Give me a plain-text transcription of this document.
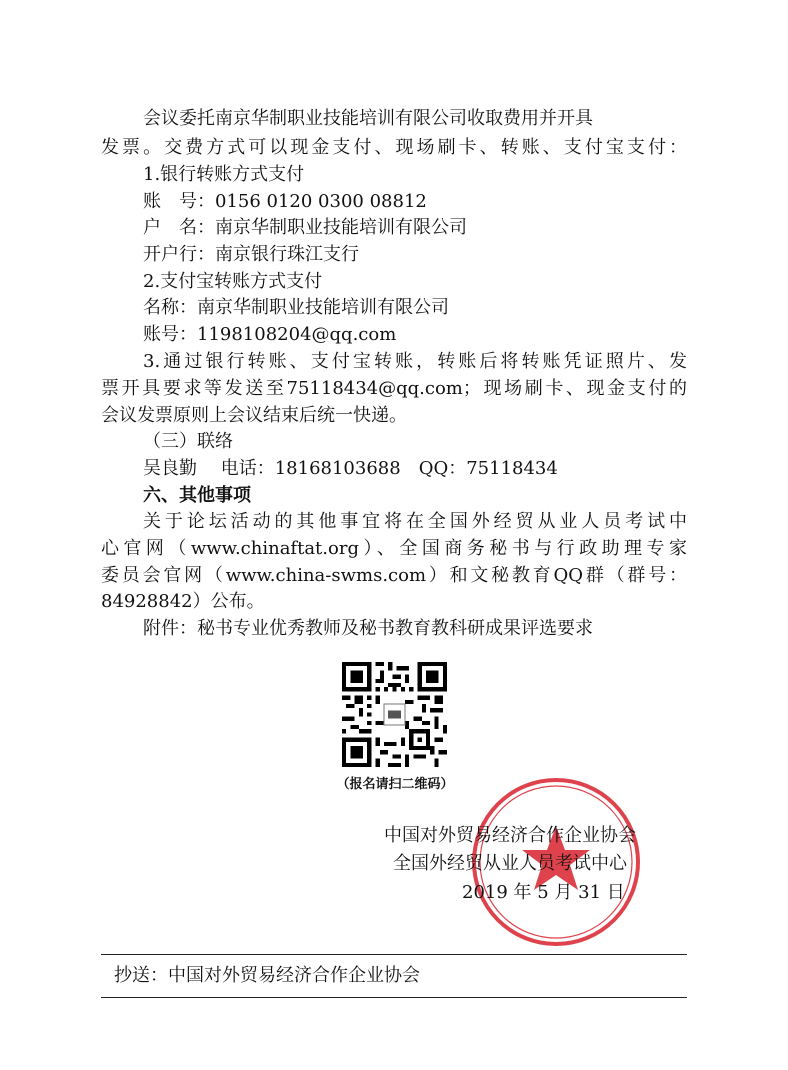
会议委托南京华制职业技能培训有限公司收取费用并开具
发票。交费方式可以现金支付、现场刷卡、转账、支付宝支付：
1.银行转账方式支付
账　号：0156 0120 0300 08812
户　名：南京华制职业技能培训有限公司
开户行：南京银行珠江支行
2.支付宝转账方式支付
名称：南京华制职业技能培训有限公司
账号：1198108204@qq.com
3.通过银行转账、支付宝转账，转账后将转账凭证照片、发
票开具要求等发送至75118434@qq.com；现场刷卡、现金支付的
会议发票原则上会议结束后统一快递。
（三）联络
吴良勤　 电话：18168103688　QQ：75118434
六、其他事项
关于论坛活动的其他事宜将在全国外经贸从业人员考试中
心官网（www.chinaftat.org）、全国商务秘书与行政助理专家
委员会官网（www.china-swms.com）和文秘教育QQ群（群号：
84928842）公布。
附件：秘书专业优秀教师及秘书教育教科研成果评选要求
（报名请扫二维码）
中国对外贸易经济合作企业协会
全国外经贸从业人员考试中心
2019 年 5 月 31 日
抄送：中国对外贸易经济合作企业协会
